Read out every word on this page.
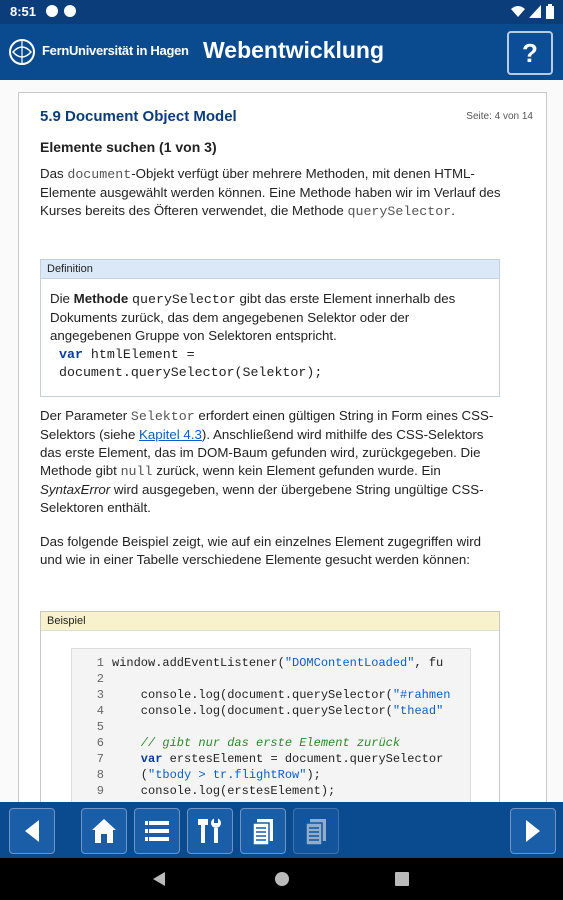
8:51
FernUniversität in Hagen Webentwicklung	?
5.9 Document Object Model	Seite: 4 von 14
Elemente suchen (1 von 3)
Das document-Objekt verfügt über mehrere Methoden, mit denen HTML-Elemente ausgewählt werden können. Eine Methode haben wir im Verlauf des Kurses bereits des Öfteren verwendet, die Methode querySelector.
Definition
Die Methode querySelector gibt das erste Element innerhalb des Dokuments zurück, das dem angegebenen Selektor oder der angegebenen Gruppe von Selektoren entspricht.
var htmlElement =
document.querySelector(Selektor);
Der Parameter Selektor erfordert einen gültigen String in Form eines CSS-Selektors (siehe Kapitel 4.3). Anschließend wird mithilfe des CSS-Selektors das erste Element, das im DOM-Baum gefunden wird, zurückgegeben. Die Methode gibt null zurück, wenn kein Element gefunden wurde. Ein SyntaxError wird ausgegeben, wenn der übergebene String ungültige CSS-Selektoren enthält.
Das folgende Beispiel zeigt, wie auf ein einzelnes Element zugegriffen wird und wie in einer Tabelle verschiedene Elemente gesucht werden können:
Beispiel
1 window.addEventListener("DOMContentLoaded", fu
2
3    console.log(document.querySelector("#rahmen
4    console.log(document.querySelector("thead"
5
6    // gibt nur das erste Element zurück
7    var erstesElement = document.querySelector
8    ("tbody > tr.flightRow");
9    console.log(erstesElement);
